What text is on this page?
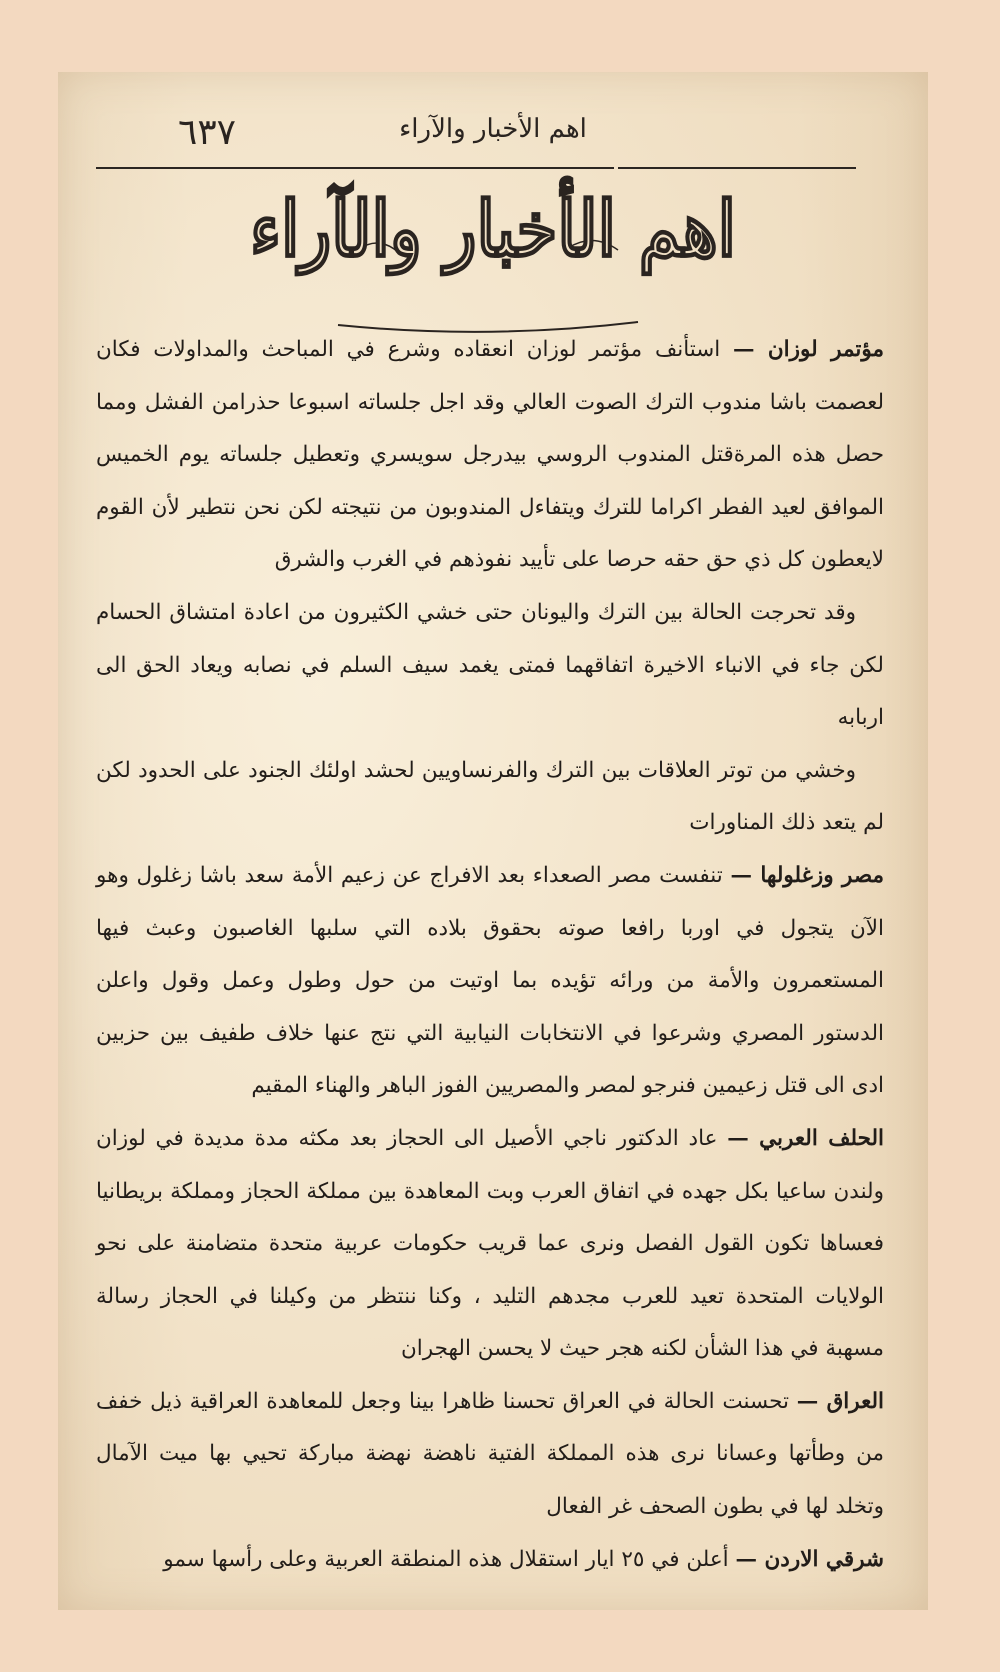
٦٣٧	اهم الأخبار والآراء
اهم الأخبار والآراء

مؤتمر لوزان — استأنف مؤتمر لوزان انعقاده وشرع في المباحث والمداولات فكان لعصمت باشا مندوب الترك الصوت العالي وقد اجل جلساته اسبوعا حذرامن الفشل ومما حصل هذه المرةقتل المندوب الروسي بيدرجل سويسري وتعطيل جلساته يوم الخميس الموافق لعيد الفطر اكراما للترك ويتفاءل المندوبون من نتيجته لكن نحن نتطير لأن القوم لايعطون كل ذي حق حقه حرصا على تأييد نفوذهم في الغرب والشرق

وقد تحرجت الحالة بين الترك واليونان حتى خشي الكثيرون من اعادة امتشاق الحسام لكن جاء في الانباء الاخيرة اتفاقهما فمتى يغمد سيف السلم في نصابه ويعاد الحق الى اربابه

وخشي من توتر العلاقات بين الترك والفرنساويين لحشد اولئك الجنود على الحدود لكن لم يتعد ذلك المناورات

مصر وزغلولها — تنفست مصر الصعداء بعد الافراج عن زعيم الأمة سعد باشا زغلول وهو الآن يتجول في اوربا رافعا صوته بحقوق بلاده التي سلبها الغاصبون وعبث فيها المستعمرون والأمة من ورائه تؤيده بما اوتيت من حول وطول وعمل وقول واعلن الدستور المصري وشرعوا في الانتخابات النيابية التي نتج عنها خلاف طفيف بين حزبين ادى الى قتل زعيمين فنرجو لمصر والمصريين الفوز الباهر والهناء المقيم

الحلف العربي — عاد الدكتور ناجي الأصيل الى الحجاز بعد مكثه مدة مديدة في لوزان ولندن ساعيا بكل جهده في اتفاق العرب وبت المعاهدة بين مملكة الحجاز ومملكة بريطانيا فعساها تكون القول الفصل ونرى عما قريب حكومات عربية متحدة متضامنة على نحو الولايات المتحدة تعيد للعرب مجدهم التليد ، وكنا ننتظر من وكيلنا في الحجاز رسالة مسهبة في هذا الشأن لكنه هجر حيث لا يحسن الهجران

العراق — تحسنت الحالة في العراق تحسنا ظاهرا بينا وجعل للمعاهدة العراقية ذيل خفف من وطأتها وعسانا نرى هذه المملكة الفتية ناهضة نهضة مباركة تحيي بها ميت الآمال وتخلد لها في بطون الصحف غر الفعال

شرقي الاردن — أعلن في ٢٥ ايار استقلال هذه المنطقة العربية وعلى رأسها سمو
